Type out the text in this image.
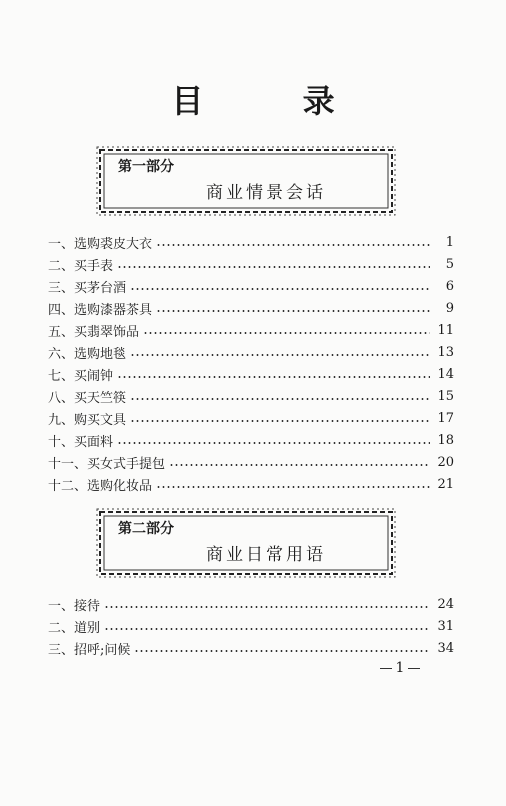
目 录
第一部分
商业情景会话
一、选购裘皮大衣	1
二、买手表	5
三、买茅台酒	6
四、选购漆器茶具	9
五、买翡翠饰品	11
六、选购地毯	13
七、买闹钟	14
八、买天竺筷	15
九、购买文具	17
十、买面料	18
十一、买女式手提包	20
十二、选购化妆品	21
第二部分
商业日常用语
一、接待	24
二、道别	31
三、招呼;问候	34
1
